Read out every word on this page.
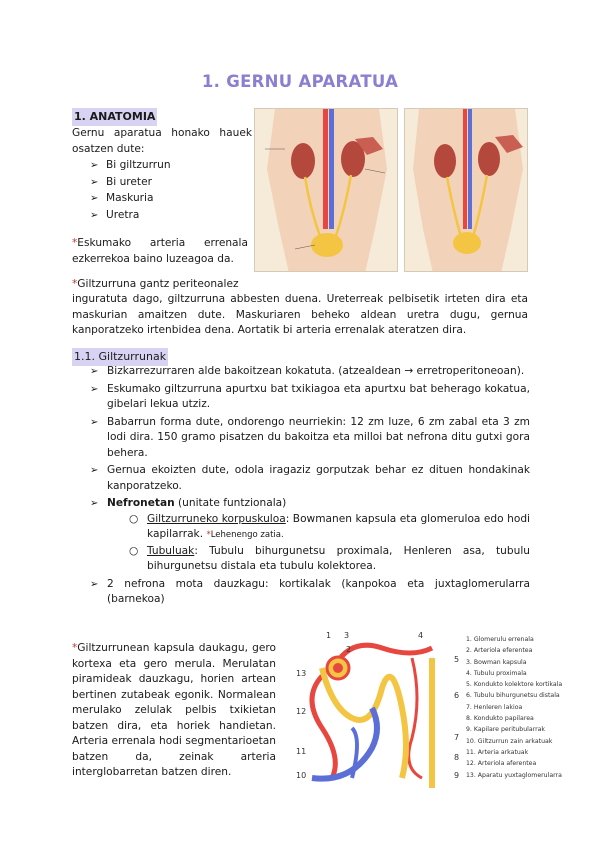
1. GERNU APARATUA
1. ANATOMIA
Gernu aparatua honako hauek osatzen dute:
➢ Bi giltzurrun
➢ Bi ureter
➢ Maskuria
➢ Uretra
*Eskumako arteria errenala ezkerrekoa baino luzeagoa da.
*Giltzurruna gantz periteonalez
inguratuta dago, giltzurruna abbesten duena. Ureterreak pelbisetik irteten dira eta maskurian amaitzen dute. Maskuriaren beheko aldean uretra dugu, gernua kanporatzeko irtenbidea dena. Aortatik bi arteria errenalak ateratzen dira.
1.1. Giltzurrunak
➢ Bizkarrezurraren alde bakoitzean kokatuta. (atzealdean → erretroperitoneoan).
➢ Eskumako giltzurruna apurtxu bat txikiagoa eta apurtxu bat beherago kokatua, gibelari lekua utziz.
➢ Babarrun forma dute, ondorengo neurriekin: 12 zm luze, 6 zm zabal eta 3 zm lodi dira. 150 gramo pisatzen du bakoitza eta milloi bat nefrona ditu gutxi gora behera.
➢ Gernua ekoizten dute, odola iragaziz gorputzak behar ez dituen hondakinak kanporatzeko.
➢ Nefronetan (unitate funtzionala)
○ Giltzurruneko korpuskuloa: Bowmanen kapsula eta glomeruloa edo hodi kapilarrak. *Lehenengo zatia.
○ Tubuluak: Tubulu bihurgunetsu proximala, Henleren asa, tubulu bihurgunetsu distala eta tubulu kolektorea.
➢ 2 nefrona mota dauzkagu: kortikalak (kanpokoa eta juxtaglomerularra (barnekoa)
*Giltzurrunean kapsula daukagu, gero kortexa eta gero merula. Merulatan piramideak dauzkagu, horien artean bertinen zutabeak egonik. Normalean merulako zelulak pelbis txikietan batzen dira, eta horiek handietan. Arteria errenala hodi segmentarioetan batzen da, zeinak arteria interglobarretan batzen diren.
1
13
3
12
4
5
6
7
8
9
10
11
2
1. Glomerulu errenala
2. Arteriola eferentea
3. Bowman kapsula
4. Tubulu proximala
5. Kondukto kolektore kortikala
6. Tubulu bihurgunetsu distala
7. Henleren lakioa
8. Kondukto papilarea
9. Kapilare peritubularrak
10. Giltzurrun zain arkatuak
11. Arteria arkatuak
12. Arteriola aferentea
13. Aparatu yuxtaglomerularra
